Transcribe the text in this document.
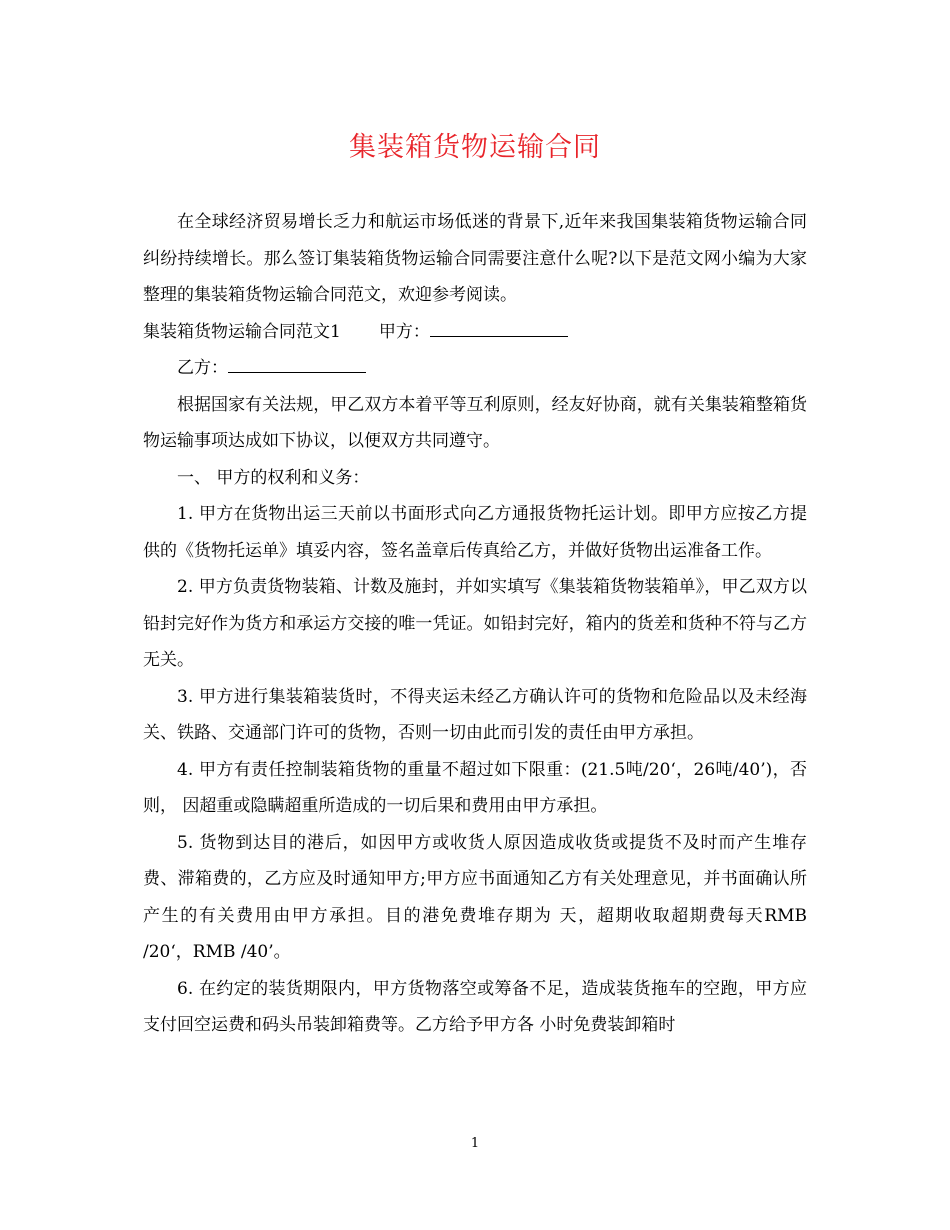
集装箱货物运输合同

在全球经济贸易增长乏力和航运市场低迷的背景下,近年来我国集装箱货物运输合同纠纷持续增长。那么签订集装箱货物运输合同需要注意什么呢?以下是范文网小编为大家整理的集装箱货物运输合同范文，欢迎参考阅读。

集装箱货物运输合同范文1 甲方：

乙方：

根据国家有关法规，甲乙双方本着平等互利原则，经友好协商，就有关集装箱整箱货物运输事项达成如下协议，以便双方共同遵守。

一、 甲方的权利和义务：

1. 甲方在货物出运三天前以书面形式向乙方通报货物托运计划。即甲方应按乙方提供的《货物托运单》填妥内容，签名盖章后传真给乙方，并做好货物出运准备工作。

2. 甲方负责货物装箱、计数及施封，并如实填写《集装箱货物装箱单》，甲乙双方以铅封完好作为货方和承运方交接的唯一凭证。如铅封完好，箱内的货差和货种不符与乙方无关。

3. 甲方进行集装箱装货时，不得夹运未经乙方确认许可的货物和危险品以及未经海关、铁路、交通部门许可的货物，否则一切由此而引发的责任由甲方承担。

4. 甲方有责任控制装箱货物的重量不超过如下限重：(21.5吨/20‘，26吨/40’)，否则， 因超重或隐瞒超重所造成的一切后果和费用由甲方承担。

5. 货物到达目的港后，如因甲方或收货人原因造成收货或提货不及时而产生堆存费、滞箱费的，乙方应及时通知甲方;甲方应书面通知乙方有关处理意见，并书面确认所产生的有关费用由甲方承担。目的港免费堆存期为 天，超期收取超期费每天RMB /20‘，RMB /40’。

6. 在约定的装货期限内，甲方货物落空或筹备不足，造成装货拖车的空跑，甲方应支付回空运费和码头吊装卸箱费等。乙方给予甲方各 小时免费装卸箱时

1
